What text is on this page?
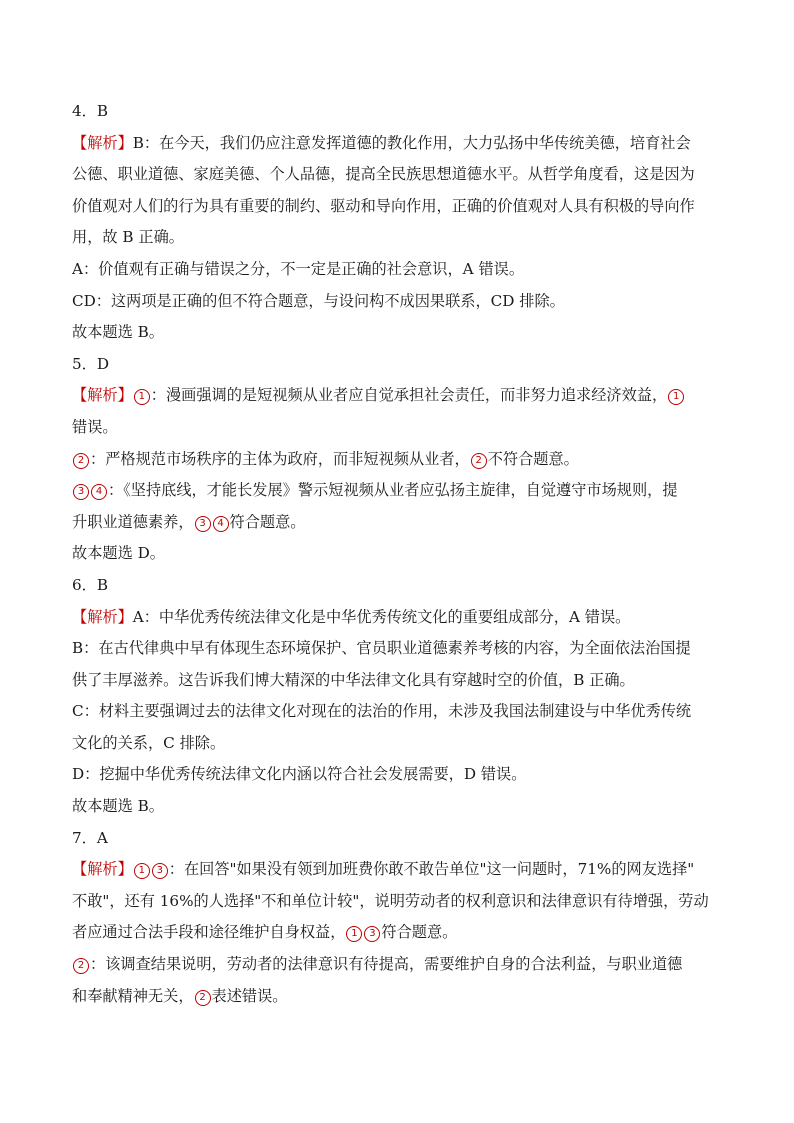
4．B
【解析】B：在今天，我们仍应注意发挥道德的教化作用，大力弘扬中华传统美德，培育社会
公德、职业道德、家庭美德、个人品德，提高全民族思想道德水平。从哲学角度看，这是因为
价值观对人们的行为具有重要的制约、驱动和导向作用，正确的价值观对人具有积极的导向作
用，故 B 正确。
A：价值观有正确与错误之分，不一定是正确的社会意识，A 错误。
CD：这两项是正确的但不符合题意，与设问构不成因果联系，CD 排除。
故本题选 B。
5．D
【解析】 1 ：漫画强调的是短视频从业者应自觉承担社会责任，而非努力追求经济效益， 1
错误。
2 ：严格规范市场秩序的主体为政府，而非短视频从业者， 2 不符合题意。
3 4 ：《坚持底线，才能长发展》警示短视频从业者应弘扬主旋律，自觉遵守市场规则，提
升职业道德素养， 3 4 符合题意。
故本题选 D。
6．B
【解析】A：中华优秀传统法律文化是中华优秀传统文化的重要组成部分，A 错误。
B：在古代律典中早有体现生态环境保护、官员职业道德素养考核的内容，为全面依法治国提
供了丰厚滋养。这告诉我们博大精深的中华法律文化具有穿越时空的价值，B 正确。
C：材料主要强调过去的法律文化对现在的法治的作用，未涉及我国法制建设与中华优秀传统
文化的关系，C 排除。
D：挖掘中华优秀传统法律文化内涵以符合社会发展需要，D 错误。
故本题选 B。
7．A
【解析】 1 3 ：在回答"如果没有领到加班费你敢不敢告单位"这一问题时，71%的网友选择"
不敢"，还有 16%的人选择"不和单位计较"，说明劳动者的权利意识和法律意识有待增强，劳动
者应通过合法手段和途径维护自身权益， 1 3 符合题意。
2 ：该调查结果说明，劳动者的法律意识有待提高，需要维护自身的合法利益，与职业道德
和奉献精神无关， 2 表述错误。
